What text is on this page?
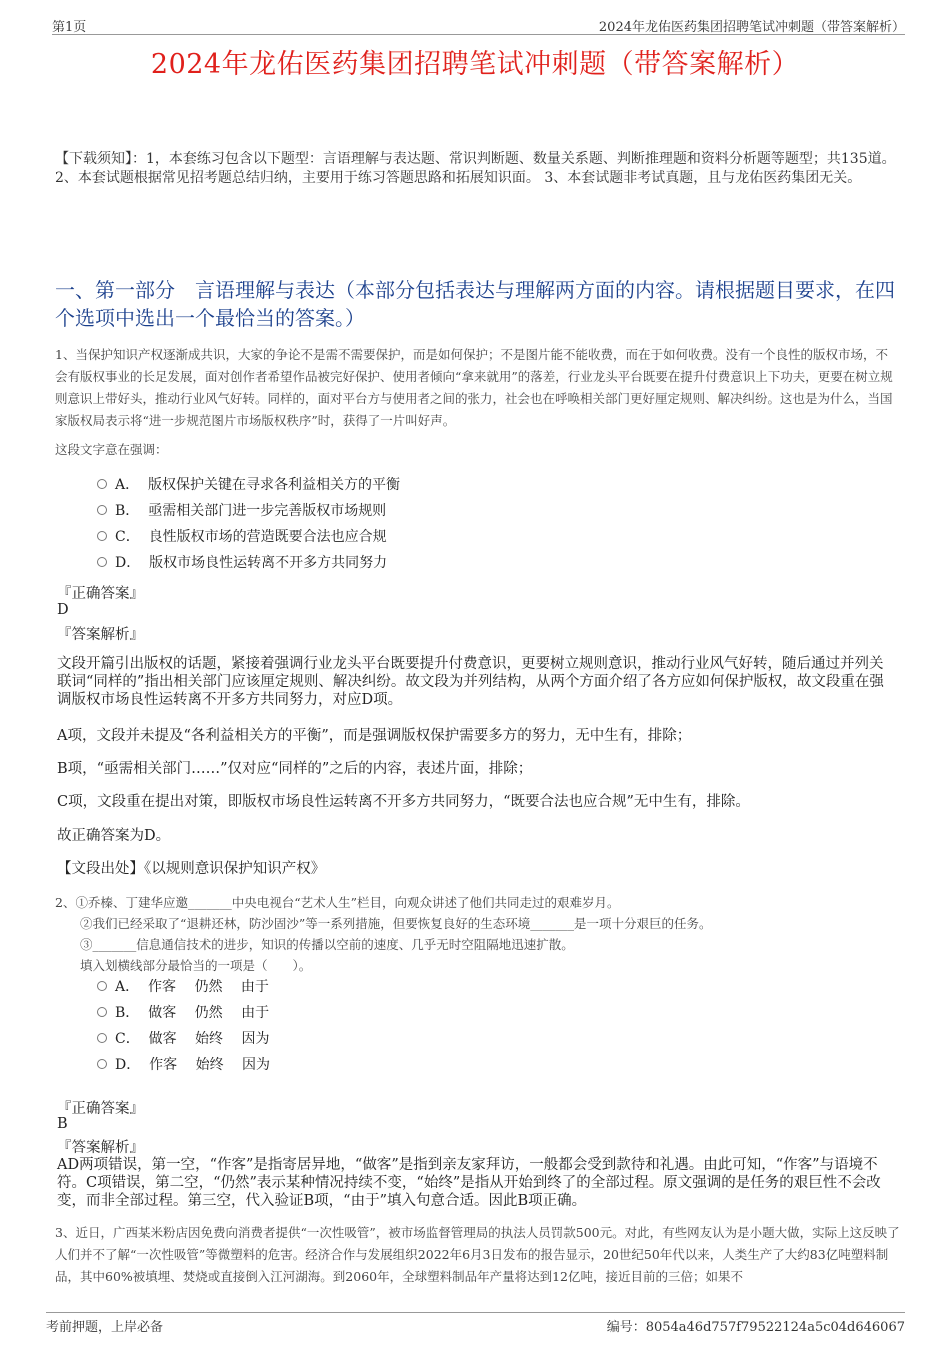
第1页	2024年龙佑医药集团招聘笔试冲刺题（带答案解析）
2024年龙佑医药集团招聘笔试冲刺题（带答案解析）
【下载须知】：1，本套练习包含以下题型：言语理解与表达题、常识判断题、数量关系题、判断推理题和资料分析题等题型；共135道。 2、本套试题根据常见招考题总结归纳，主要用于练习答题思路和拓展知识面。 3、本套试题非考试真题，且与龙佑医药集团无关。
一、第一部分　言语理解与表达（本部分包括表达与理解两方面的内容。请根据题目要求，在四个选项中选出一个最恰当的答案。）
1、当保护知识产权逐渐成共识，大家的争论不是需不需要保护，而是如何保护；不是图片能不能收费，而在于如何收费。没有一个良性的版权市场，不会有版权事业的长足发展，面对创作者希望作品被完好保护、使用者倾向“拿来就用”的落差，行业龙头平台既要在提升付费意识上下功夫，更要在树立规则意识上带好头，推动行业风气好转。同样的，面对平台方与使用者之间的张力，社会也在呼唤相关部门更好厘定规则、解决纠纷。这也是为什么，当国家版权局表示将“进一步规范图片市场版权秩序”时，获得了一片叫好声。
这段文字意在强调：
A．  版权保护关键在寻求各利益相关方的平衡
B．  亟需相关部门进一步完善版权市场规则
C．  良性版权市场的营造既要合法也应合规
D．  版权市场良性运转离不开多方共同努力
『正确答案』
D
『答案解析』
文段开篇引出版权的话题，紧接着强调行业龙头平台既要提升付费意识，更要树立规则意识，推动行业风气好转，随后通过并列关联词“同样的”指出相关部门应该厘定规则、解决纠纷。故文段为并列结构，从两个方面介绍了各方应如何保护版权，故文段重在强调版权市场良性运转离不开多方共同努力，对应D项。
A项，文段并未提及“各利益相关方的平衡”，而是强调版权保护需要多方的努力，无中生有，排除；
B项，“亟需相关部门……”仅对应“同样的”之后的内容，表述片面，排除；
C项，文段重在提出对策，即版权市场良性运转离不开多方共同努力，“既要合法也应合规”无中生有，排除。
故正确答案为D。
【文段出处】《以规则意识保护知识产权》
2、①乔榛、丁建华应邀_______中央电视台“艺术人生”栏目，向观众讲述了他们共同走过的艰难岁月。
②我们已经采取了“退耕还林，防沙固沙”等一系列措施，但要恢复良好的生态环境_______是一项十分艰巨的任务。
③_______信息通信技术的进步，知识的传播以空前的速度、几乎无时空阻隔地迅速扩散。
填入划横线部分最恰当的一项是（　　）。
A．  作客　 仍然 　由于
B．  做客　 仍然 　由于
C．  做客　 始终 　因为
D．  作客　 始终 　因为
『正确答案』
B
『答案解析』
AD两项错误，第一空，“作客”是指寄居异地，“做客”是指到亲友家拜访，一般都会受到款待和礼遇。由此可知，“作客”与语境不符。C项错误，第二空，“仍然”表示某种情况持续不变，“始终”是指从开始到终了的全部过程。原文强调的是任务的艰巨性不会改变，而非全部过程。第三空，代入验证B项，“由于”填入句意合适。因此B项正确。
3、近日，广西某米粉店因免费向消费者提供“一次性吸管”，被市场监督管理局的执法人员罚款500元。对此，有些网友认为是小题大做，实际上这反映了人们并不了解“一次性吸管”等微塑料的危害。经济合作与发展组织2022年6月3日发布的报告显示，20世纪50年代以来，人类生产了大约83亿吨塑料制品，其中60%被填埋、焚烧或直接倒入江河湖海。到2060年，全球塑料制品年产量将达到12亿吨，接近目前的三倍；如果不
考前押题，上岸必备	编号：8054a46d757f79522124a5c04d646067
